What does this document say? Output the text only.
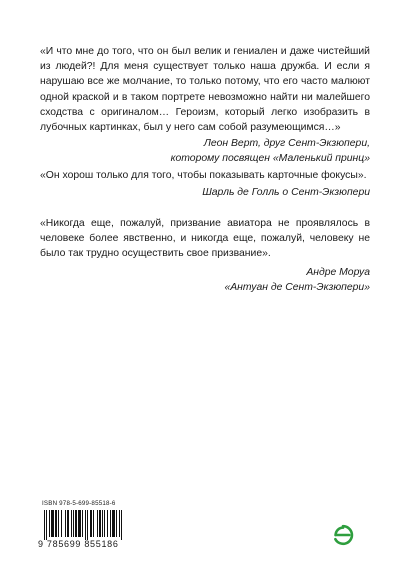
«И что мне до того, что он был велик и гениален и даже чистейший из людей?! Для меня существует только наша дружба. И если я нарушаю все же молчание, то только потому, что его часто малюют одной краской и в таком портрете невозможно найти ни малейшего сходства с оригиналом… Героизм, который легко изобразить в лубочных картинках, был у него сам собой разумеющимся…»

Леон Верт, друг Сент-Экзюпери,

которому посвящен «Маленький принц»

«Он хорош только для того, чтобы показывать карточные фокусы».

Шарль де Голль о Сент-Экзюпери

«Никогда еще, пожалуй, призвание авиатора не проявлялось в человеке более явственно, и никогда еще, пожалуй, человеку не было так трудно осуществить свое призвание».

Андре Моруа

«Антуан де Сент-Экзюпери»

ISBN 978-5-699-85518-6
9 785699 855186
